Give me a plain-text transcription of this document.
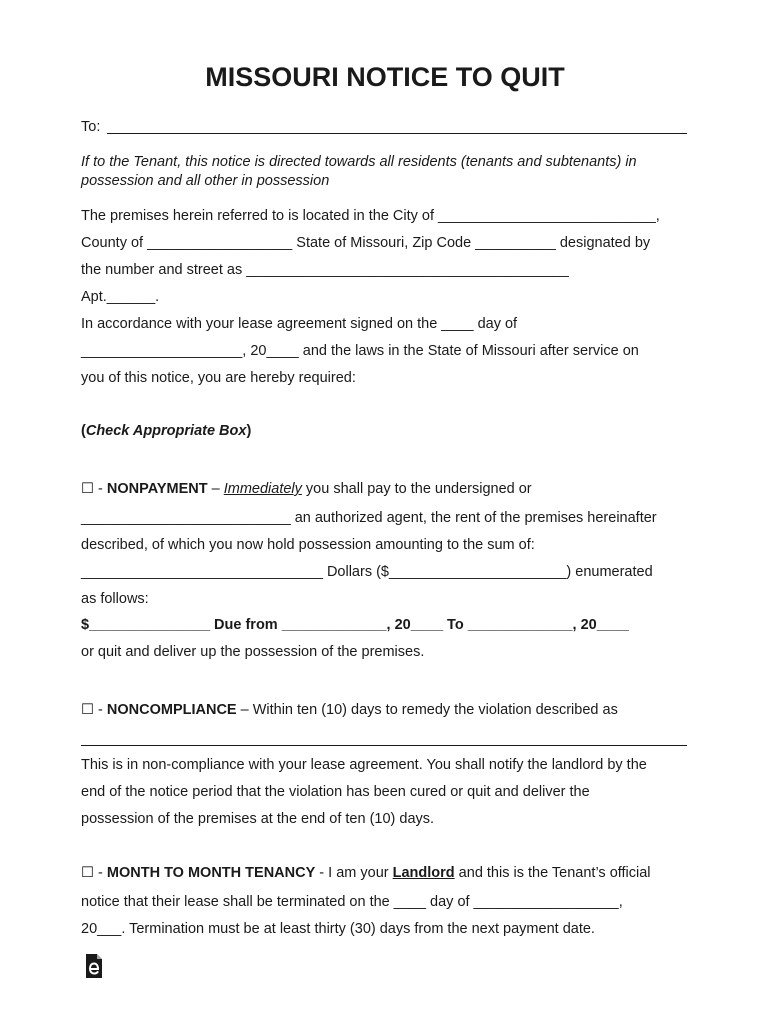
MISSOURI NOTICE TO QUIT
To:
If to the Tenant, this notice is directed towards all residents (tenants and subtenants) in
possession and all other in possession
The premises herein referred to is located in the City of ___________________________,
County of __________________ State of Missouri, Zip Code __________ designated by
the number and street as ________________________________________
Apt.______.
In accordance with your lease agreement signed on the ____ day of
____________________, 20____ and the laws in the State of Missouri after service on
you of this notice, you are hereby required:
(Check Appropriate Box)
☐ - NONPAYMENT – Immediately you shall pay to the undersigned or
__________________________ an authorized agent, the rent of the premises hereinafter
described, of which you now hold possession amounting to the sum of:
______________________________ Dollars ($______________________) enumerated
as follows:
$_______________ Due from _____________, 20____ To _____________, 20____
or quit and deliver up the possession of the premises.
☐ - NONCOMPLIANCE – Within ten (10) days to remedy the violation described as
This is in non-compliance with your lease agreement. You shall notify the landlord by the
end of the notice period that the violation has been cured or quit and deliver the
possession of the premises at the end of ten (10) days.
☐ - MONTH TO MONTH TENANCY - I am your Landlord and this is the Tenant’s official
notice that their lease shall be terminated on the ____ day of __________________,
20___. Termination must be at least thirty (30) days from the next payment date.
